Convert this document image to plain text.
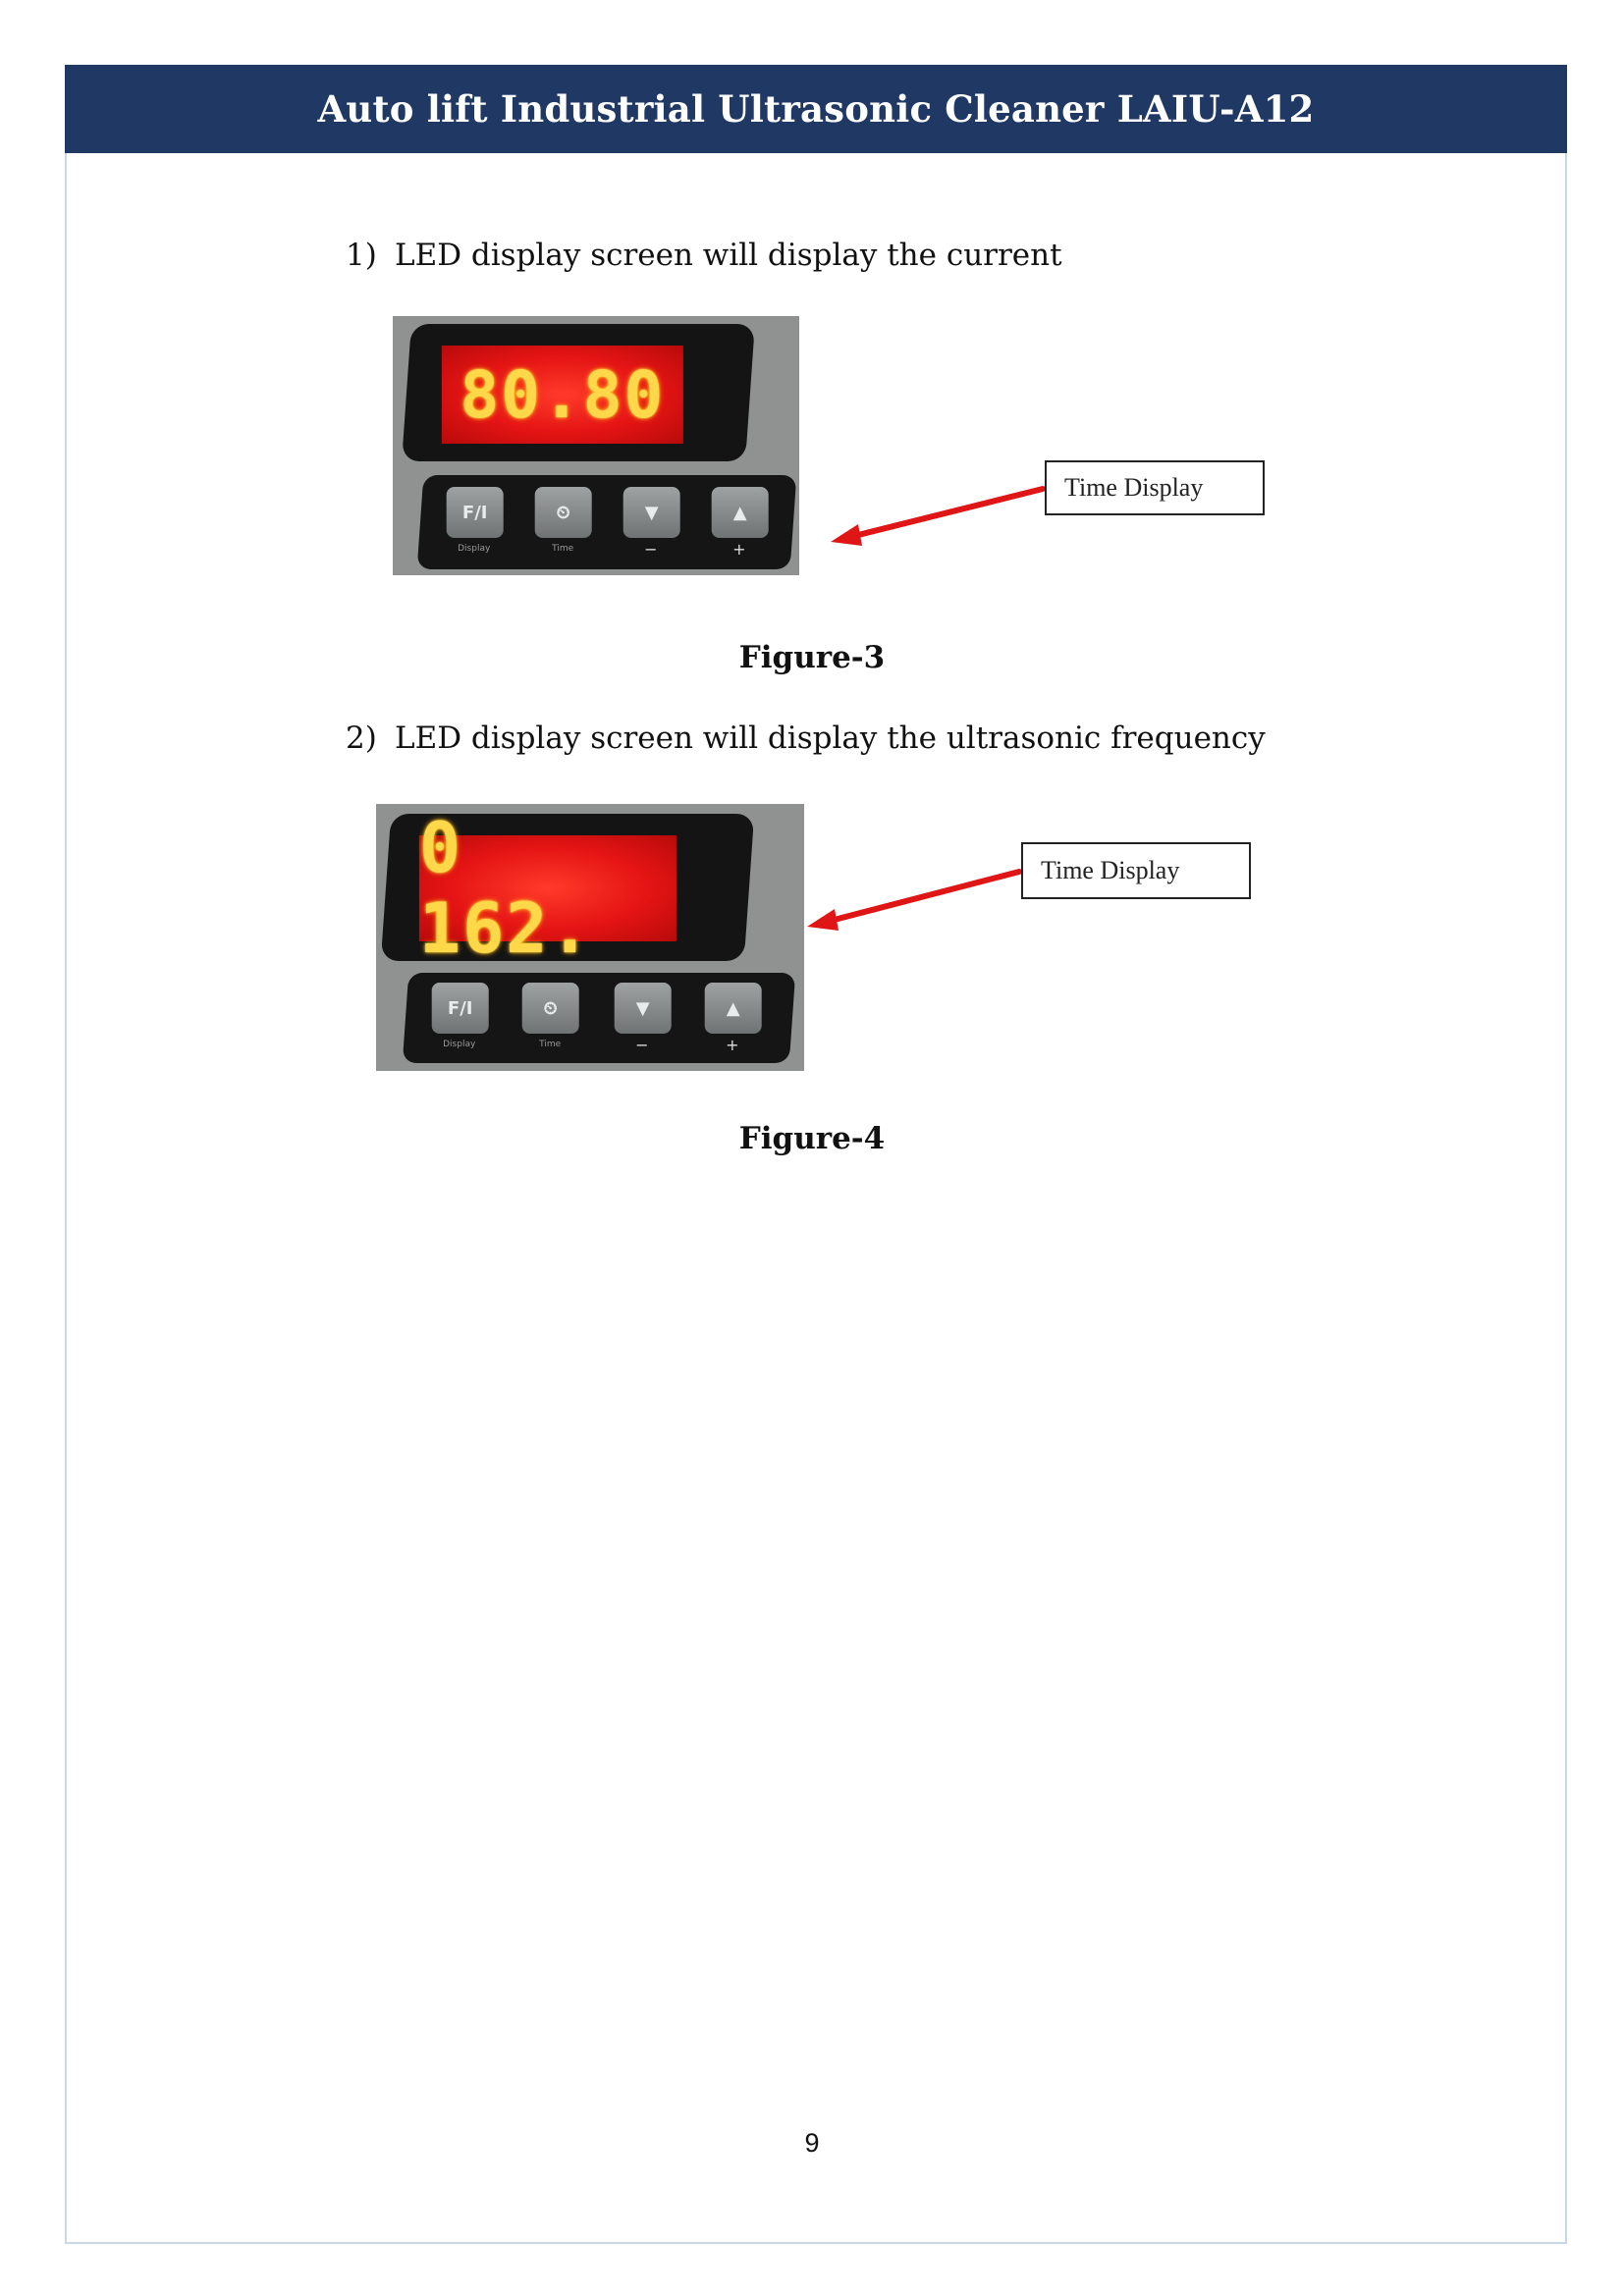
Auto lift Industrial Ultrasonic Cleaner LAIU-A12
1) LED display screen will display the current
80.80
F/I	⏲	▼	▲
Display	Time	−	+
Time Display
Figure-3
2) LED display screen will display the ultrasonic frequency
0 162.
F/I	⏲	▼	▲
Display	Time	−	+
Time Display
Figure-4
9
